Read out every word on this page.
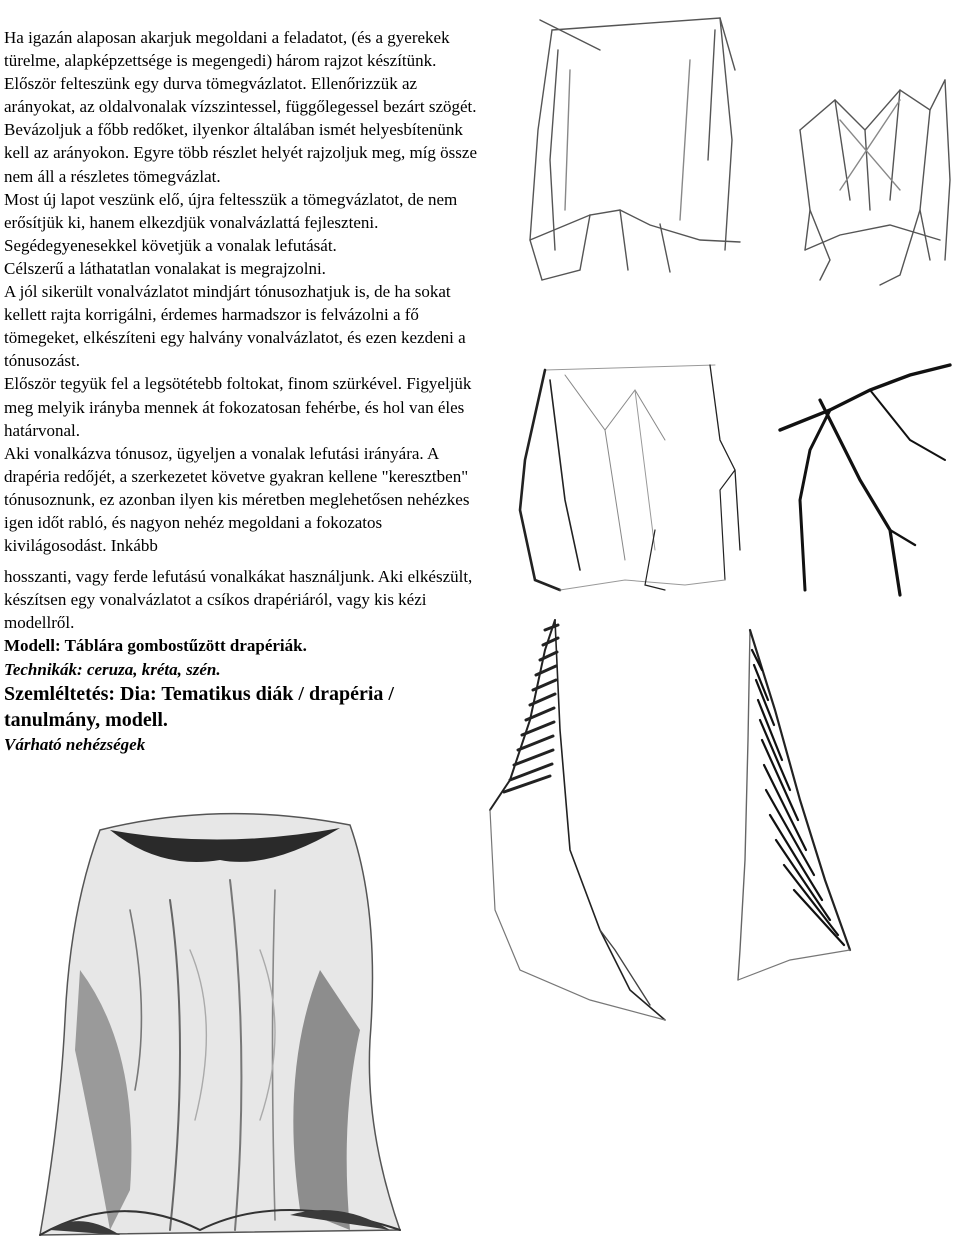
Ha igazán alaposan akarjuk megoldani a feladatot, (és a gyerekek türelme, alapképzettsége is megengedi) három rajzot készítünk.

Először felteszünk egy durva tömegvázlatot. Ellenőrizzük az arányokat, az oldalvonalak vízszintessel, függőlegessel bezárt szögét. Bevázoljuk a főbb redőket, ilyenkor általában ismét helyesbítenünk kell az arányokon. Egyre több részlet helyét rajzoljuk meg, míg össze nem áll a részletes tömegvázlat.

Most új lapot veszünk elő, újra feltesszük a tömegvázlatot, de nem erősítjük ki, hanem elkezdjük vonalvázlattá fejleszteni. Segédegyenesekkel követjük a vonalak lefutását.

Célszerű a láthatatlan vonalakat is megrajzolni.

A jól sikerült vonalvázlatot mindjárt tónusozhatjuk is, de ha sokat kellett rajta korrigálni, érdemes harmadszor is felvázolni a fő tömegeket, elkészíteni egy halvány vonalvázlatot, és ezen kezdeni a tónusozást.

Először tegyük fel a legsötétebb foltokat, finom szürkével. Figyeljük meg melyik irányba mennek át fokozatosan fehérbe, és hol van éles határvonal.

Aki vonalkázva tónusoz, ügyeljen a vonalak lefutási irányára. A drapéria redőjét, a szerkezetet követve gyakran kellene "keresztben" tónusoznunk, ez azonban ilyen kis méretben meglehetősen nehézkes igen időt rabló, és nagyon nehéz megoldani a fokozatos kivilágosodást. Inkább

hosszanti, vagy ferde lefutású vonalkákat használjunk. Aki elkészült, készítsen egy vonalvázlatot a csíkos drapériáról, vagy kis kézi modellről.

Modell: Táblára gombostűzött drapériák.

Technikák: ceruza, kréta, szén.

Szemléltetés: Dia: Tematikus diák / drapéria / tanulmány, modell.

Várható nehézségek
